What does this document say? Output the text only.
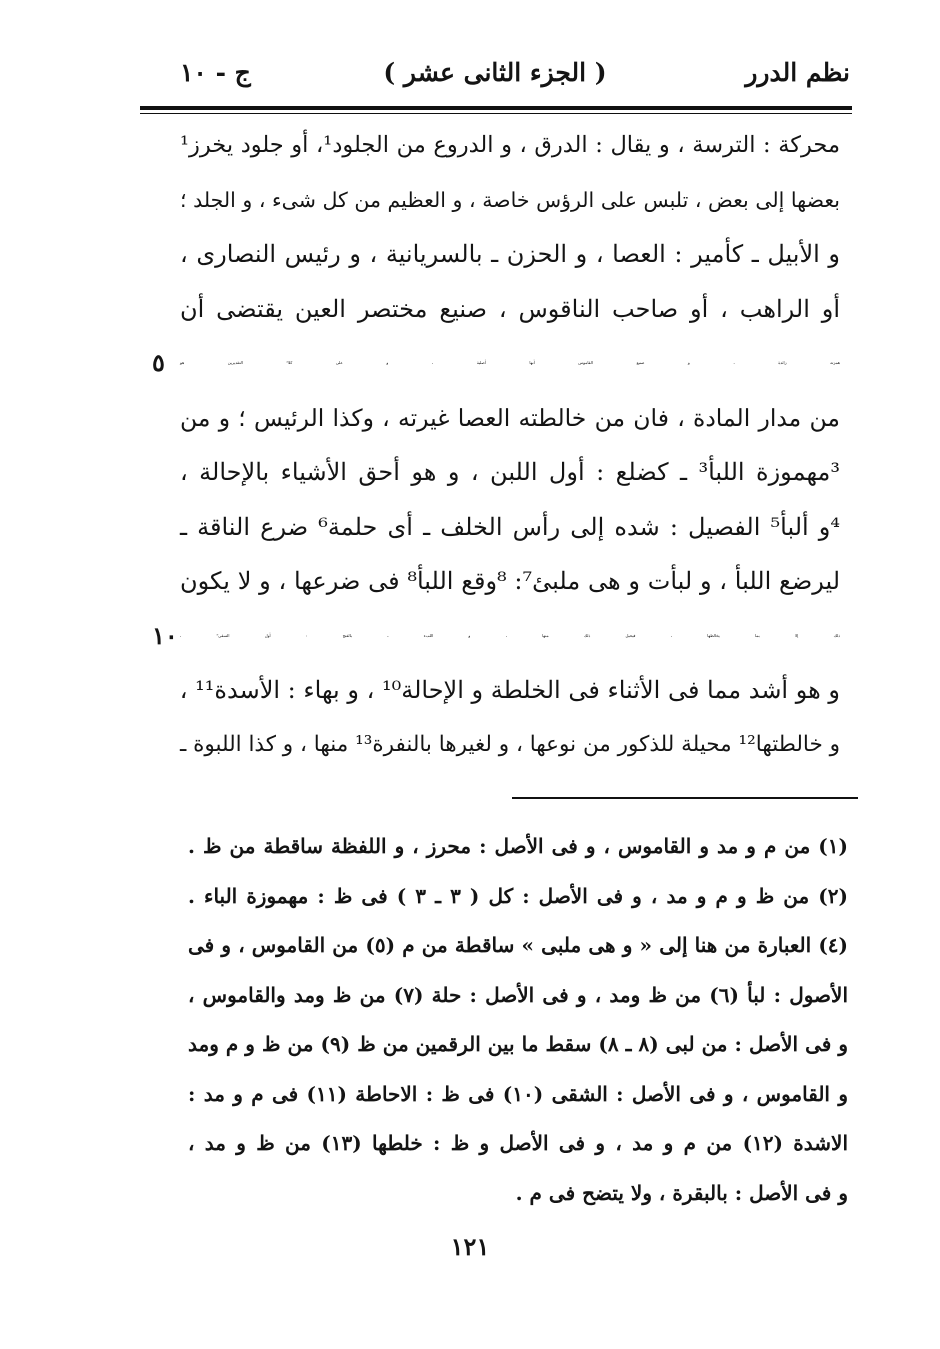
نظم الدرر
( الجزء الثانى عشر )
ج - ١٠
محركة : الترسة ، و يقال : الدرق ، و الدروع من الجلود¹، أو جلود يخرز¹
بعضها إلى بعض ، تلبس على الرؤس خاصة ، و العظيم من كل شىء ، و الجلد ؛
و الأبيل ـ كأمير : العصا ، و الحزن ـ بالسريانية ، و رئيس النصارى ،
أو الراهب ، أو صاحب الناقوس ، صنيع مختصر العين يقتضى أن
همزته زائدة ، و صنيع القاموس أنها أصلية ، و على كلا² التقديرين هو
٥
من مدار المادة ، فان من خالطته العصا غيرته ، وكذا الرئيس ؛ و من
³مهموزة اللبأ³ ـ كضلع : أول اللبن ، و هو أحق الأشياء بالإحالة ،
⁴و ألبأ⁵ الفصيل : شده إلى رأس الخلف ـ أى حلمة⁶ ضرع الناقة ـ
ليرضع اللبأ ، و لبأت و هى ملبئ⁷: ⁸وقع اللبأ⁸ فى ضرعها ، و لا يكون
ذلك إلا بما يخالطها ، فيحيل ذلك منها ، و اللبء ـ بالفتح : أول السقى⁹ ،
١٠
و هو أشد مما فى الأثناء فى الخلطة و الإحالة¹⁰ ، و بهاء : الأسدة¹¹ ،
و خالطتها¹² محيلة للذكور من نوعها ، و لغيرها بالنفرة¹³ منها ، و كذا اللبوة ـ
(١) من م و مد و القاموس ، و فى الأصل : محرز ، و اللفظة ساقطة من ظ .
(٢) من ظ و م و مد ، و فى الأصل : كل ( ٣ ـ ٣ ) فى ظ : مهموزة الباء .
(٤) العبارة من هنا إلى « و هى ملبى » ساقطة من م (٥) من القاموس ، و فى
الأصول : لبأ (٦) من ظ ومد ، و فى الأصل : حلة (٧) من ظ ومد والقاموس ،
و فى الأصل : من لبى (٨ ـ ٨) سقط ما بين الرقمين من ظ (٩) من ظ و م ومد
و القاموس ، و فى الأصل : الشقى (١٠) فى ظ : الاحاطة (١١) فى م و مد :
الاشدة (١٢) من م و مد ، و فى الأصل و ظ : خلطها (١٣) من ظ و مد ،
و فى الأصل : بالبقرة ، ولا يتضح فى م .
١٢١
